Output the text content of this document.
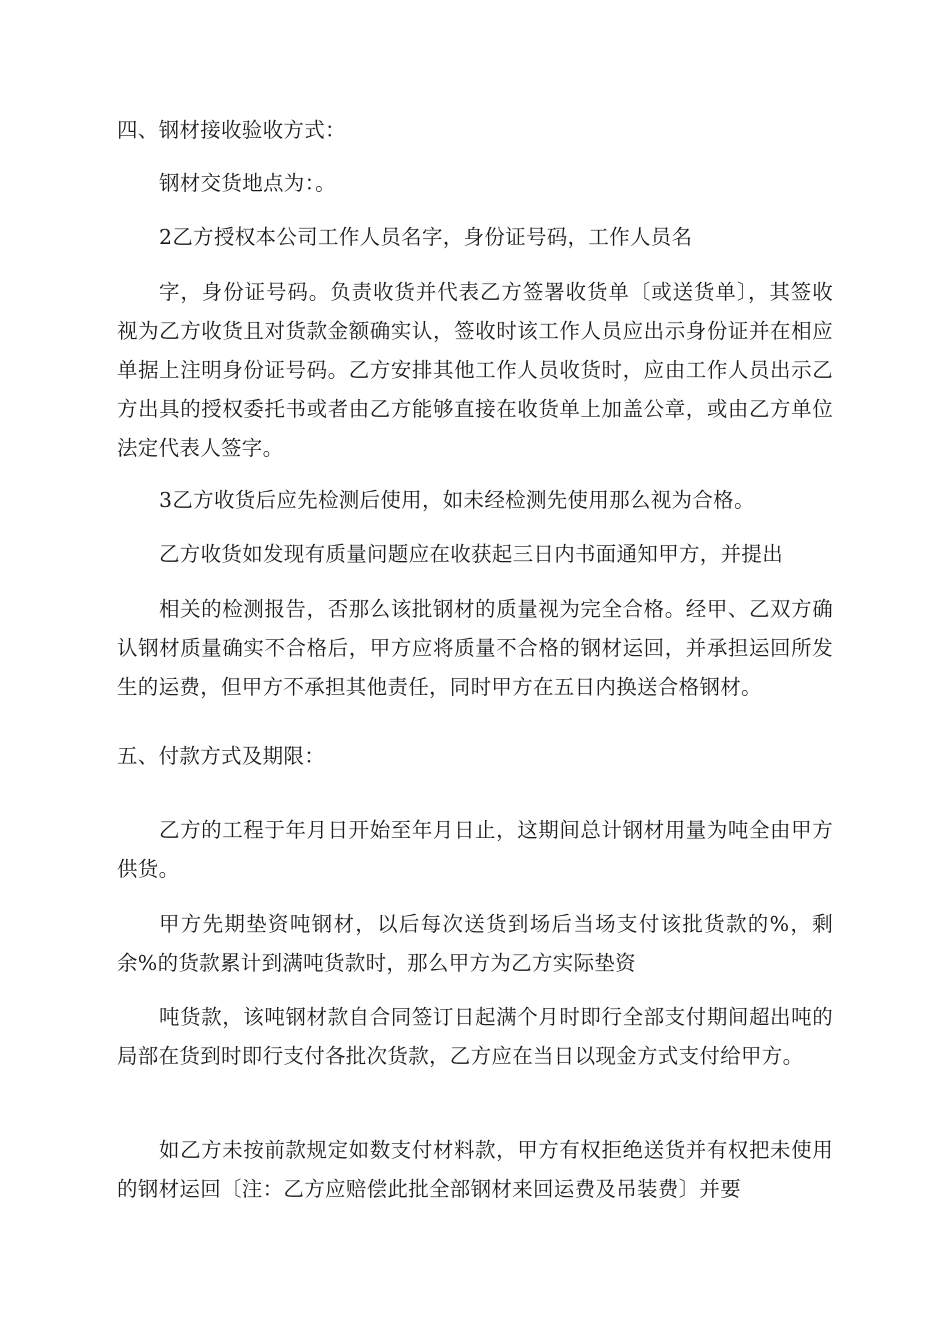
四、钢材接收验收方式：

钢材交货地点为：。

2乙方授权本公司工作人员名字，身份证号码，工作人员名

字，身份证号码。负责收货并代表乙方签署收货单〔或送货单〕，其签收视为乙方收货且对货款金额确实认，签收时该工作人员应出示身份证并在相应单据上注明身份证号码。乙方安排其他工作人员收货时，应由工作人员出示乙方出具的授权委托书或者由乙方能够直接在收货单上加盖公章，或由乙方单位法定代表人签字。

3乙方收货后应先检测后使用，如未经检测先使用那么视为合格。

乙方收货如发现有质量问题应在收获起三日内书面通知甲方，并提出

相关的检测报告，否那么该批钢材的质量视为完全合格。经甲、乙双方确认钢材质量确实不合格后，甲方应将质量不合格的钢材运回，并承担运回所发生的运费，但甲方不承担其他责任，同时甲方在五日内换送合格钢材。

五、付款方式及期限：

乙方的工程于年月日开始至年月日止，这期间总计钢材用量为吨全由甲方供货。

甲方先期垫资吨钢材，以后每次送货到场后当场支付该批货款的%，剩余%的货款累计到满吨货款时，那么甲方为乙方实际垫资

吨货款，该吨钢材款自合同签订日起满个月时即行全部支付期间超出吨的局部在货到时即行支付各批次货款，乙方应在当日以现金方式支付给甲方。

如乙方未按前款规定如数支付材料款，甲方有权拒绝送货并有权把未使用的钢材运回〔注：乙方应赔偿此批全部钢材来回运费及吊装费〕并要
